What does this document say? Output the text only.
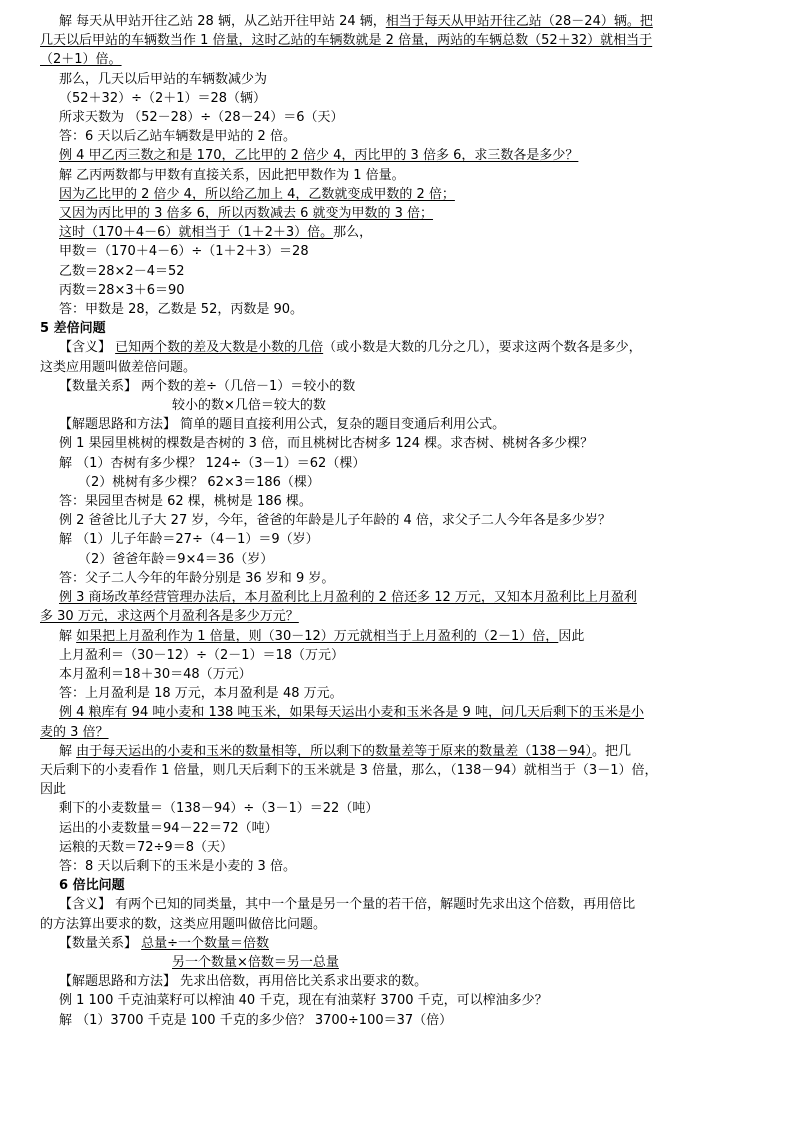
解 每天从甲站开往乙站 28 辆，从乙站开往甲站 24 辆，相当于每天从甲站开往乙站（28－24）辆。把
几天以后甲站的车辆数当作 1 倍量，这时乙站的车辆数就是 2 倍量，两站的车辆总数（52＋32）就相当于
（2＋1）倍。
那么，几天以后甲站的车辆数减少为
（52＋32）÷（2＋1）＝28（辆）
所求天数为 （52－28）÷（28－24）＝6（天）
答：6 天以后乙站车辆数是甲站的 2 倍。
例 4 甲乙丙三数之和是 170，乙比甲的 2 倍少 4，丙比甲的 3 倍多 6，求三数各是多少？
解 乙丙两数都与甲数有直接关系，因此把甲数作为 1 倍量。
因为乙比甲的 2 倍少 4，所以给乙加上 4，乙数就变成甲数的 2 倍；
又因为丙比甲的 3 倍多 6，所以丙数减去 6 就变为甲数的 3 倍；
这时（170＋4－6）就相当于（1＋2＋3）倍。那么，
甲数＝（170＋4－6）÷（1＋2＋3）＝28
乙数＝28×2－4＝52
丙数＝28×3＋6＝90
答：甲数是 28，乙数是 52，丙数是 90。
5 差倍问题
【含义】 已知两个数的差及大数是小数的几倍（或小数是大数的几分之几），要求这两个数各是多少，
这类应用题叫做差倍问题。
【数量关系】 两个数的差÷（几倍－1）＝较小的数
较小的数×几倍＝较大的数
【解题思路和方法】 简单的题目直接利用公式，复杂的题目变通后利用公式。
例 1 果园里桃树的棵数是杏树的 3 倍，而且桃树比杏树多 124 棵。求杏树、桃树各多少棵？
解 （1）杏树有多少棵？ 124÷（3－1）＝62（棵）
（2）桃树有多少棵？ 62×3＝186（棵）
答：果园里杏树是 62 棵，桃树是 186 棵。
例 2 爸爸比儿子大 27 岁，今年，爸爸的年龄是儿子年龄的 4 倍，求父子二人今年各是多少岁？
解 （1）儿子年龄＝27÷（4－1）＝9（岁）
（2）爸爸年龄＝9×4＝36（岁）
答：父子二人今年的年龄分别是 36 岁和 9 岁。
例 3 商场改革经营管理办法后，本月盈利比上月盈利的 2 倍还多 12 万元，又知本月盈利比上月盈利
多 30 万元，求这两个月盈利各是多少万元？
解 如果把上月盈利作为 1 倍量，则（30－12）万元就相当于上月盈利的（2－1）倍，因此
上月盈利＝（30－12）÷（2－1）＝18（万元）
本月盈利＝18＋30＝48（万元）
答：上月盈利是 18 万元，本月盈利是 48 万元。
例 4 粮库有 94 吨小麦和 138 吨玉米，如果每天运出小麦和玉米各是 9 吨，问几天后剩下的玉米是小
麦的 3 倍？
解 由于每天运出的小麦和玉米的数量相等，所以剩下的数量差等于原来的数量差（138－94）。把几
天后剩下的小麦看作 1 倍量，则几天后剩下的玉米就是 3 倍量，那么，（138－94）就相当于（3－1）倍，
因此
剩下的小麦数量＝（138－94）÷（3－1）＝22（吨）
运出的小麦数量＝94－22＝72（吨）
运粮的天数＝72÷9＝8（天）
答：8 天以后剩下的玉米是小麦的 3 倍。
6 倍比问题
【含义】 有两个已知的同类量，其中一个量是另一个量的若干倍，解题时先求出这个倍数，再用倍比
的方法算出要求的数，这类应用题叫做倍比问题。
【数量关系】 总量÷一个数量＝倍数
另一个数量×倍数＝另一总量
【解题思路和方法】 先求出倍数，再用倍比关系求出要求的数。
例 1 100 千克油菜籽可以榨油 40 千克，现在有油菜籽 3700 千克，可以榨油多少？
解 （1）3700 千克是 100 千克的多少倍？ 3700÷100＝37（倍）
